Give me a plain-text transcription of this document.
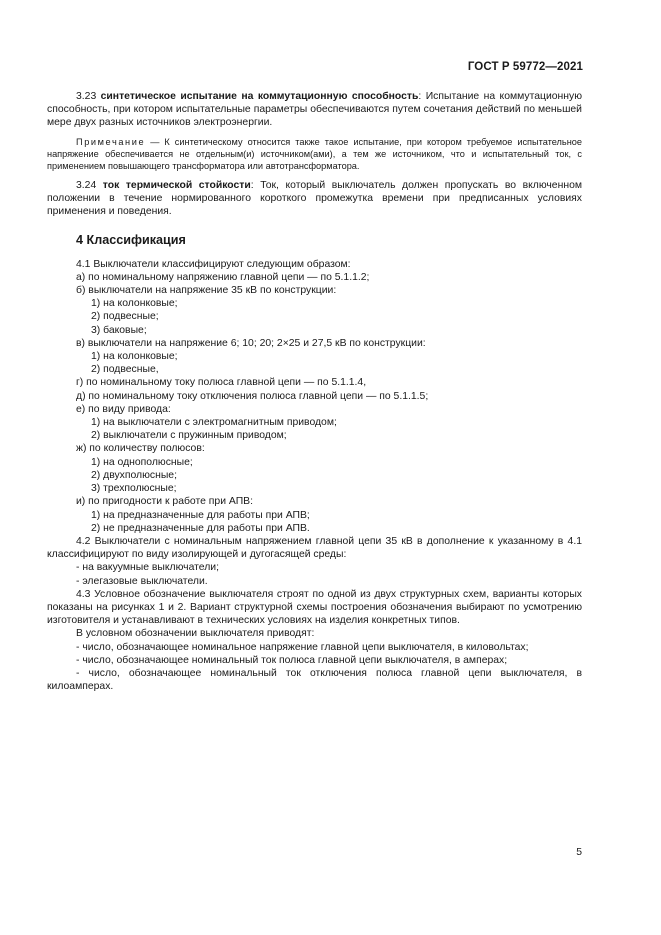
ГОСТ Р 59772—2021

3.23 синтетическое испытание на коммутационную способность: Испытание на коммутационную способность, при котором испытательные параметры обеспечиваются путем сочетания действий по меньшей мере двух разных источников электроэнергии.

Примечание — К синтетическому относится также такое испытание, при котором требуемое испытательное напряжение обеспечивается не отдельным(и) источником(ами), а тем же источником, что и испытательный ток, с применением повышающего трансформатора или автотрансформатора.

3.24 ток термической стойкости: Ток, который выключатель должен пропускать во включенном положении в течение нормированного короткого промежутка времени при предписанных условиях применения и поведения.

4 Классификация

4.1 Выключатели классифицируют следующим образом:

а) по номинальному напряжению главной цепи — по 5.1.1.2;

б) выключатели на напряжение 35 кВ по конструкции:

1) на колонковые;

2) подвесные;

3) баковые;

в) выключатели на напряжение 6; 10; 20; 2×25 и 27,5 кВ по конструкции:

1) на колонковые;

2) подвесные,

г) по номинальному току полюса главной цепи — по 5.1.1.4,

д) по номинальному току отключения полюса главной цепи — по 5.1.1.5;

е) по виду привода:

1) на выключатели с электромагнитным приводом;

2) выключатели с пружинным приводом;

ж) по количеству полюсов:

1) на однополюсные;

2) двухполюсные;

3) трехполюсные;

и) по пригодности к работе при АПВ:

1) на предназначенные для работы при АПВ;

2) не предназначенные для работы при АПВ.

4.2 Выключатели с номинальным напряжением главной цепи 35 кВ в дополнение к указанному в 4.1 классифицируют по виду изолирующей и дугогасящей среды:

- на вакуумные выключатели;

- элегазовые выключатели.

4.3 Условное обозначение выключателя строят по одной из двух структурных схем, варианты которых показаны на рисунках 1 и 2. Вариант структурной схемы построения обозначения выбирают по усмотрению изготовителя и устанавливают в технических условиях на изделия конкретных типов.

В условном обозначении выключателя приводят:

- число, обозначающее номинальное напряжение главной цепи выключателя, в киловольтах;

- число, обозначающее номинальный ток полюса главной цепи выключателя, в амперах;

- число, обозначающее номинальный ток отключения полюса главной цепи выключателя, в килоамперах.

5
